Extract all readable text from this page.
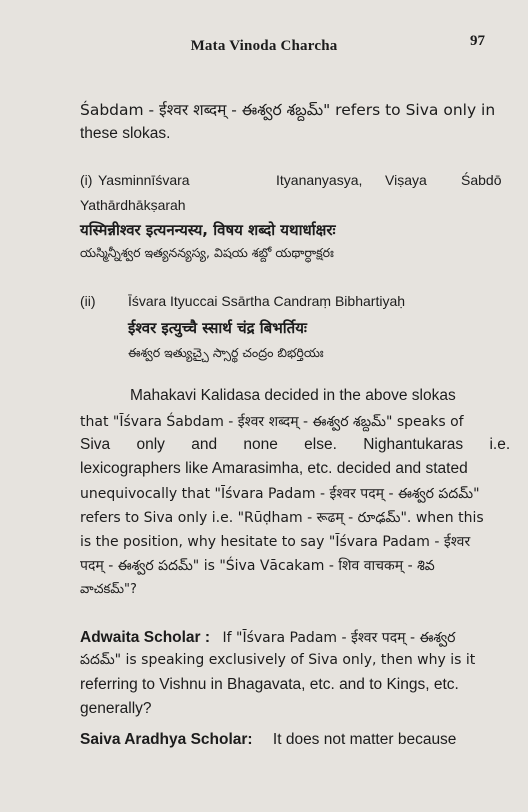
Mata Vinoda Charcha	97
Śabdam - ईश्वर शब्दम् - ఈశ్వర శబ్దమ్" refers to Siva only in
these slokas.
(i) Yasminnīśvara	Ityananyasya, Viṣaya Śabdō
Yathārdhākṣarah
यस्मिन्नीश्वर इत्यनन्यस्य, विषय शब्दो यथार्धाक्षरः
యస్మిన్నీశ్వర ఇత్యనన్యస్య, విషయ శబ్దో యథార్ధాక్షరః
(ii) Īśvara Ityuccai Ssārtha Candraṃ Bibhartiyaḥ
ईश्वर इत्युच्चै स्सार्थ चंद्र बिभर्तियः
ఈశ్వర ఇత్యుచ్చై స్సార్థ చంద్రం బిభర్తియః
Mahakavi Kalidasa decided in the above slokas
that "Īśvara Śabdam - ईश्वर शब्दम् - ఈశ్వర శబ్దమ్" speaks of
Siva only and none else. Nighantukaras i.e.
lexicographers like Amarasimha, etc. decided and stated
unequivocally that "Īśvara Padam - ईश्वर पदम् - ఈశ్వర పదమ్"
refers to Siva only i.e. "Rūḍham - रूढम् - రూఢమ్". when this
is the position, why hesitate to say "Īśvara Padam - ईश्वर
पदम् - ఈశ్వర పదమ్" is "Śiva Vācakam - शिव वाचकम् - శివ
వాచకమ్"?
Adwaita Scholar : If "Īśvara Padam - ईश्वर पदम् - ఈశ్వర
పదమ్" is speaking exclusively of Siva only, then why is it
referring to Vishnu in Bhagavata, etc. and to Kings, etc.
generally?
Saiva Aradhya Scholar: It does not matter because
